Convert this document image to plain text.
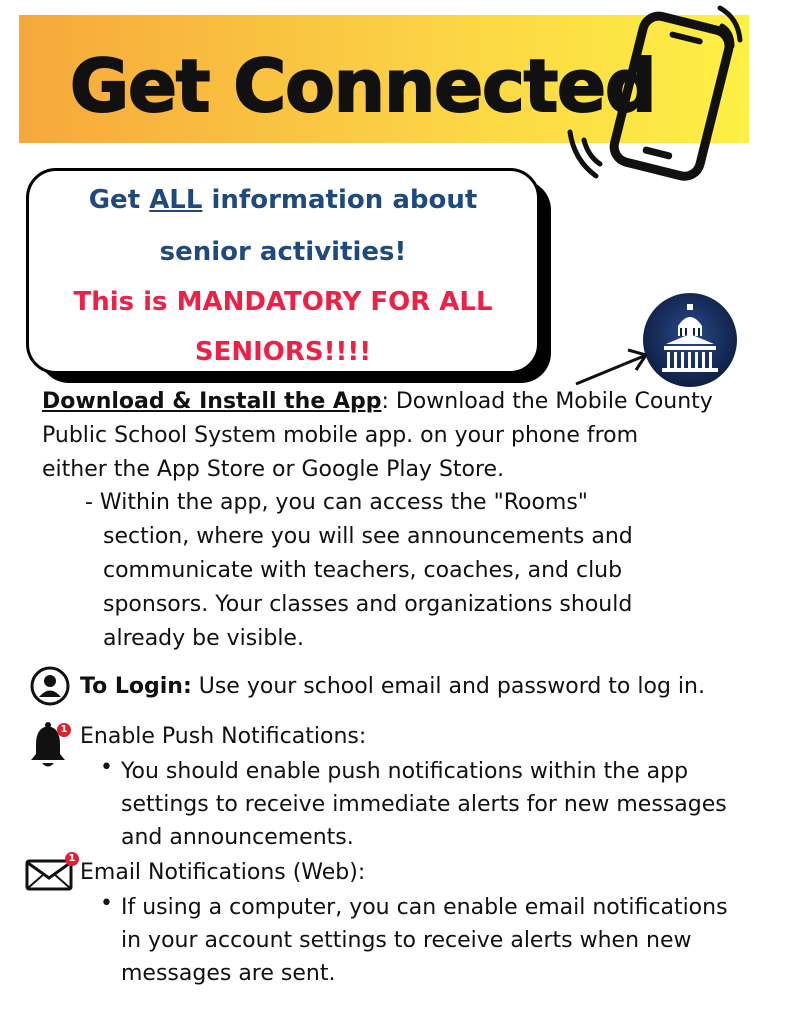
Get Connected
Get ALL information about
senior activities!
This is MANDATORY FOR ALL
SENIORS!!!!
Download & Install the App: Download the Mobile County
Public School System mobile app. on your phone from
either the App Store or Google Play Store.
- Within the app, you can access the "Rooms"
section, where you will see announcements and
communicate with teachers, coaches, and club
sponsors. Your classes and organizations should
already be visible.
To Login: Use your school email and password to log in.
1 Enable Push Notifications:
• You should enable push notifications within the app
settings to receive immediate alerts for new messages
and announcements.
1
Email Notifications (Web):
• If using a computer, you can enable email notifications
in your account settings to receive alerts when new
messages are sent.
